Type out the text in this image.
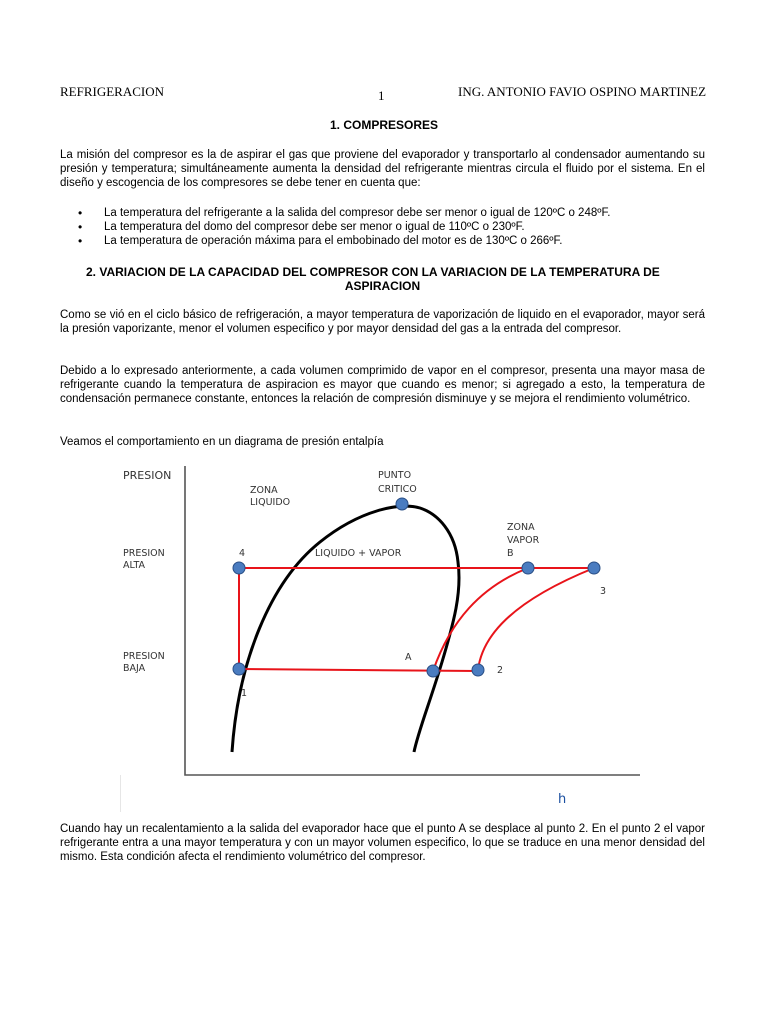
REFRIGERACION	1	ING. ANTONIO FAVIO OSPINO MARTINEZ
1. COMPRESORES

La misión del compresor es la de aspirar el gas que proviene del evaporador y transportarlo al condensador aumentando su presión y temperatura; simultáneamente aumenta la densidad del refrigerante mientras circula el fluido por el sistema. En el diseño y escogencia de los compresores se debe tener en cuenta que:

• La temperatura del refrigerante a la salida del compresor debe ser menor o igual de 120ºC o 248ºF.
• La temperatura del domo del compresor debe ser menor o igual de 110ºC o 230ºF.
• La temperatura de operación máxima para el embobinado del motor es de 130ºC o 266ºF.
2. VARIACION DE LA CAPACIDAD DEL COMPRESOR CON LA VARIACION DE LA TEMPERATURA DE
ASPIRACION

Como se vió en el ciclo básico de refrigeración, a mayor temperatura de vaporización de liquido en el evaporador, mayor será la presión vaporizante, menor el volumen especifico y por mayor densidad del gas a la entrada del compresor.

Debido a lo expresado anteriormente, a cada volumen comprimido de vapor en el compresor, presenta una mayor masa de refrigerante cuando la temperatura de aspiracion es mayor que cuando es menor; si agregado a esto, la temperatura de condensación permanece constante, entonces la relación de compresión disminuye y se mejora el rendimiento volumétrico.

Veamos el comportamiento en un diagrama de presión entalpía

PRESION
PRESION
ALTA
PRESION
BAJA
ZONA
LIQUIDO
PUNTO
CRITICO
LIQUIDO + VAPOR
ZONA
VAPOR
B
4
3
A
2
1
h

Cuando hay un recalentamiento a la salida del evaporador hace que el punto A se desplace al punto 2. En el punto 2 el vapor refrigerante entra a una mayor temperatura y con un mayor volumen especifico, lo que se traduce en una menor densidad del mismo. Esta condición afecta el rendimiento volumétrico del compresor.
